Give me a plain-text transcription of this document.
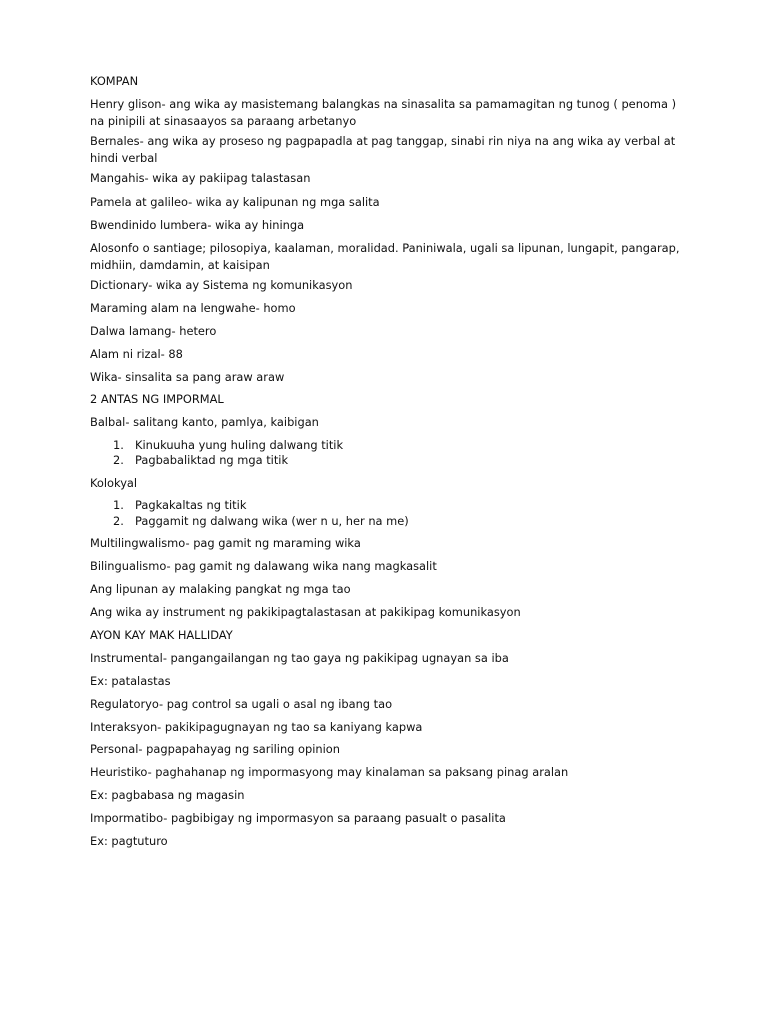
KOMPAN
Henry glison- ang wika ay masistemang balangkas na sinasalita sa pamamagitan ng tunog ( penoma ) na pinipili at sinasaayos sa paraang arbetanyo
Bernales- ang wika ay proseso ng pagpapadla at pag tanggap, sinabi rin niya na ang wika ay verbal at hindi verbal
Mangahis- wika ay pakiipag talastasan
Pamela at galileo- wika ay kalipunan ng mga salita
Bwendinido lumbera- wika ay hininga
Alosonfo o santiage; pilosopiya, kaalaman, moralidad. Paniniwala, ugali sa lipunan, lungapit, pangarap, midhiin, damdamin, at kaisipan
Dictionary- wika ay Sistema ng komunikasyon
Maraming alam na lengwahe- homo
Dalwa lamang- hetero
Alam ni rizal- 88
Wika- sinsalita sa pang araw araw
2 ANTAS NG IMPORMAL
Balbal- salitang kanto, pamlya, kaibigan
1. Kinukuuha yung huling dalwang titik
2. Pagbabaliktad ng mga titik
Kolokyal
1. Pagkakaltas ng titik
2. Paggamit ng dalwang wika (wer n u, her na me)
Multilingwalismo- pag gamit ng maraming wika
Bilingualismo- pag gamit ng dalawang wika nang magkasalit
Ang lipunan ay malaking pangkat ng mga tao
Ang wika ay instrument ng pakikipagtalastasan at pakikipag komunikasyon
AYON KAY MAK HALLIDAY
Instrumental- pangangailangan ng tao gaya ng pakikipag ugnayan sa iba
Ex: patalastas
Regulatoryo- pag control sa ugali o asal ng ibang tao
Interaksyon- pakikipagugnayan ng tao sa kaniyang kapwa
Personal- pagpapahayag ng sariling opinion
Heuristiko- paghahanap ng impormasyong may kinalaman sa paksang pinag aralan
Ex: pagbabasa ng magasin
Impormatibo- pagbibigay ng impormasyon sa paraang pasualt o pasalita
Ex: pagtuturo
